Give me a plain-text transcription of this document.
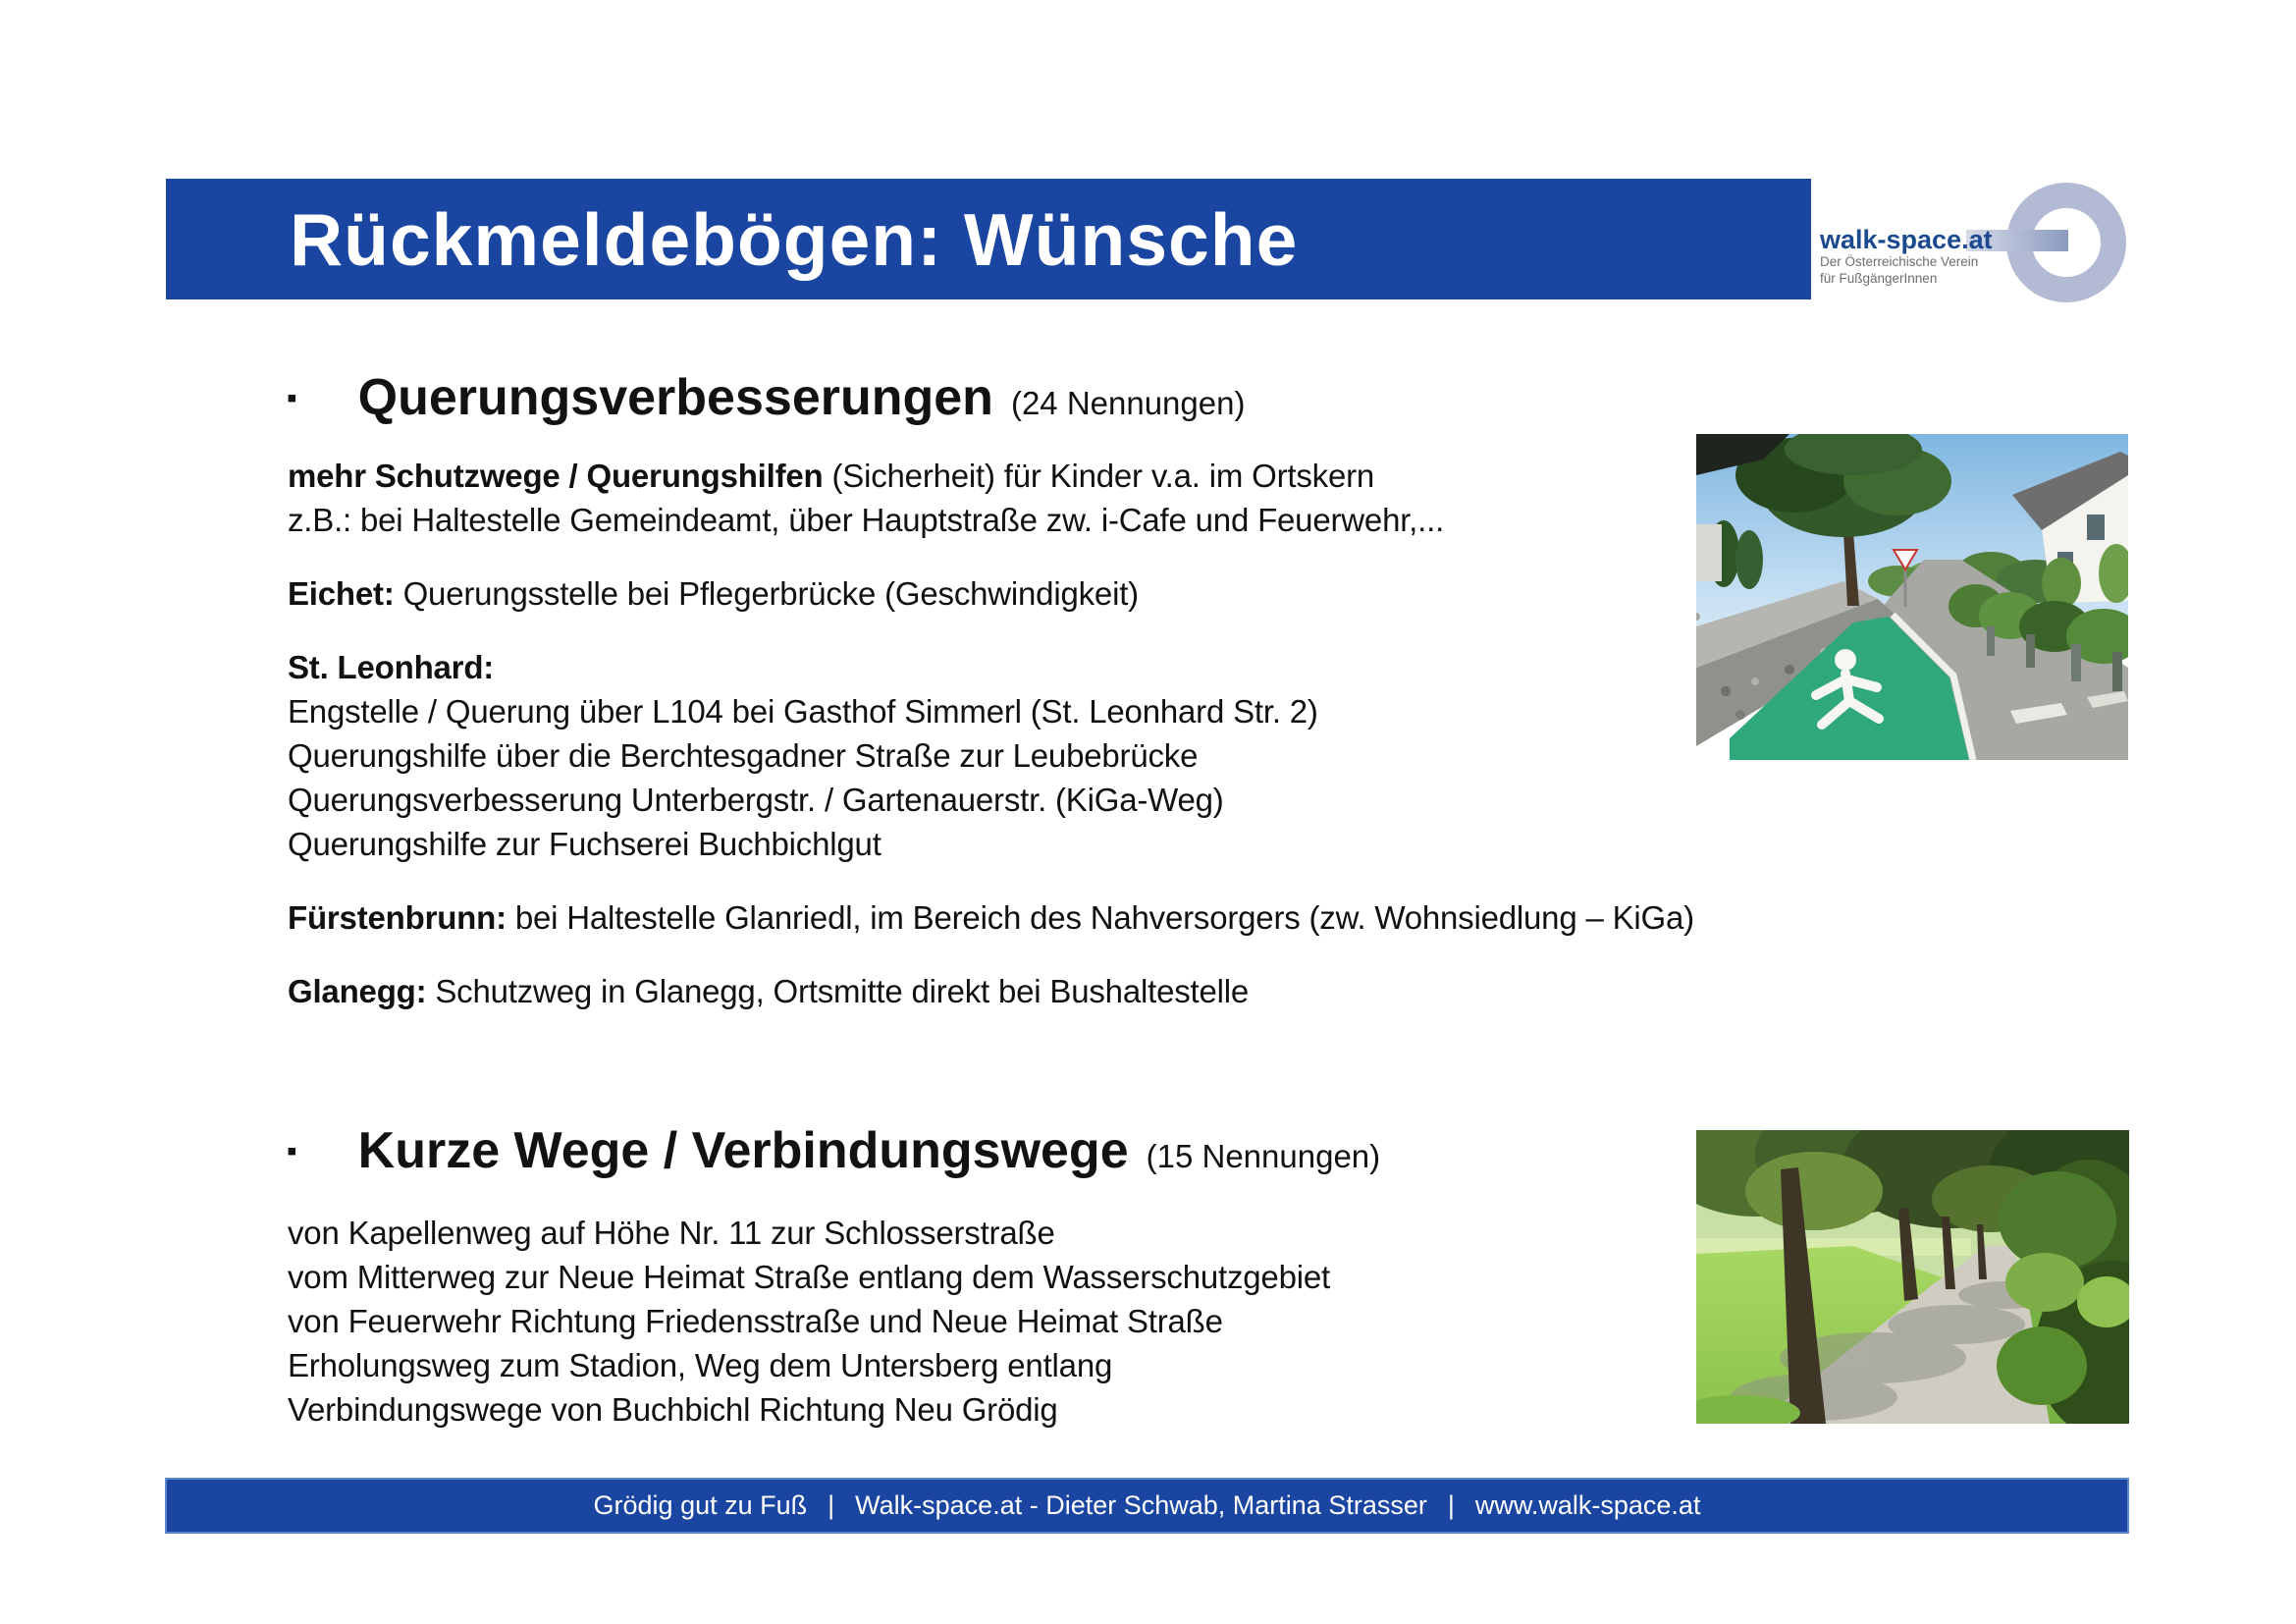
Rückmeldebögen: Wünsche	walk-space.at
Der Österreichische Verein
für FußgängerInnen
▪ Querungsverbesserungen (24 Nennungen)
mehr Schutzwege / Querungshilfen (Sicherheit) für Kinder v.a. im Ortskern
z.B.: bei Haltestelle Gemeindeamt, über Hauptstraße zw. i-Cafe und Feuerwehr,...
Eichet: Querungsstelle bei Pflegerbrücke (Geschwindigkeit)
St. Leonhard:
Engstelle / Querung über L104 bei Gasthof Simmerl (St. Leonhard Str. 2)
Querungshilfe über die Berchtesgadner Straße zur Leubebrücke
Querungsverbesserung Unterbergstr. / Gartenauerstr. (KiGa-Weg)
Querungshilfe zur Fuchserei Buchbichlgut
Fürstenbrunn: bei Haltestelle Glanriedl, im Bereich des Nahversorgers (zw. Wohnsiedlung – KiGa)
Glanegg: Schutzweg in Glanegg, Ortsmitte direkt bei Bushaltestelle
▪ Kurze Wege / Verbindungswege (15 Nennungen)
von Kapellenweg auf Höhe Nr. 11 zur Schlosserstraße
vom Mitterweg zur Neue Heimat Straße entlang dem Wasserschutzgebiet
von Feuerwehr Richtung Friedensstraße und Neue Heimat Straße
Erholungsweg zum Stadion, Weg dem Untersberg entlang
Verbindungswege von Buchbichl Richtung Neu Grödig
Grödig gut zu Fuß | Walk-space.at - Dieter Schwab, Martina Strasser | www.walk-space.at
